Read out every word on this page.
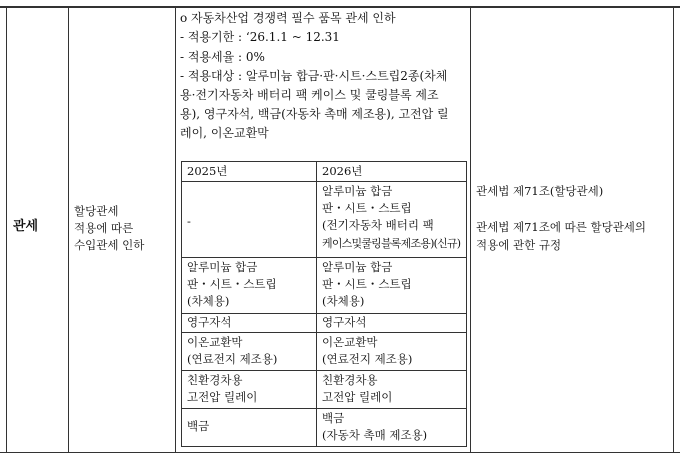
관세
할당관세
적용에 따른
수입관세 인하
o 자동차산업 경쟁력 필수 품목 관세 인하
- 적용기한 : ‘26.1.1 ~ 12.31
- 적용세율 : 0%
- 적용대상 : 알루미늄 합금·판·시트·스트립2종(차체
용·전기자동차 배터리 팩 케이스 및 쿨링블록 제조
용), 영구자석, 백금(자동차 촉매 제조용), 고전압 릴
레이, 이온교환막
2025년	2026년
-
알루미늄 합금
판・시트・스트립
(전기자동차 배터리 팩
케이스및쿨링블록제조용)(신규)
알루미늄 합금
판・시트・스트립
(차체용)
알루미늄 합금
판・시트・스트립
(차체용)
영구자석	영구자석
이온교환막
(연료전지 제조용)
이온교환막
(연료전지 제조용)
친환경차용
고전압 릴레이
친환경차용
고전압 릴레이
백금
백금
(자동차 촉매 제조용)
관세법 제71조(할당관세)
관세법 제71조에 따른 할당관세의
적용에 관한 규정
